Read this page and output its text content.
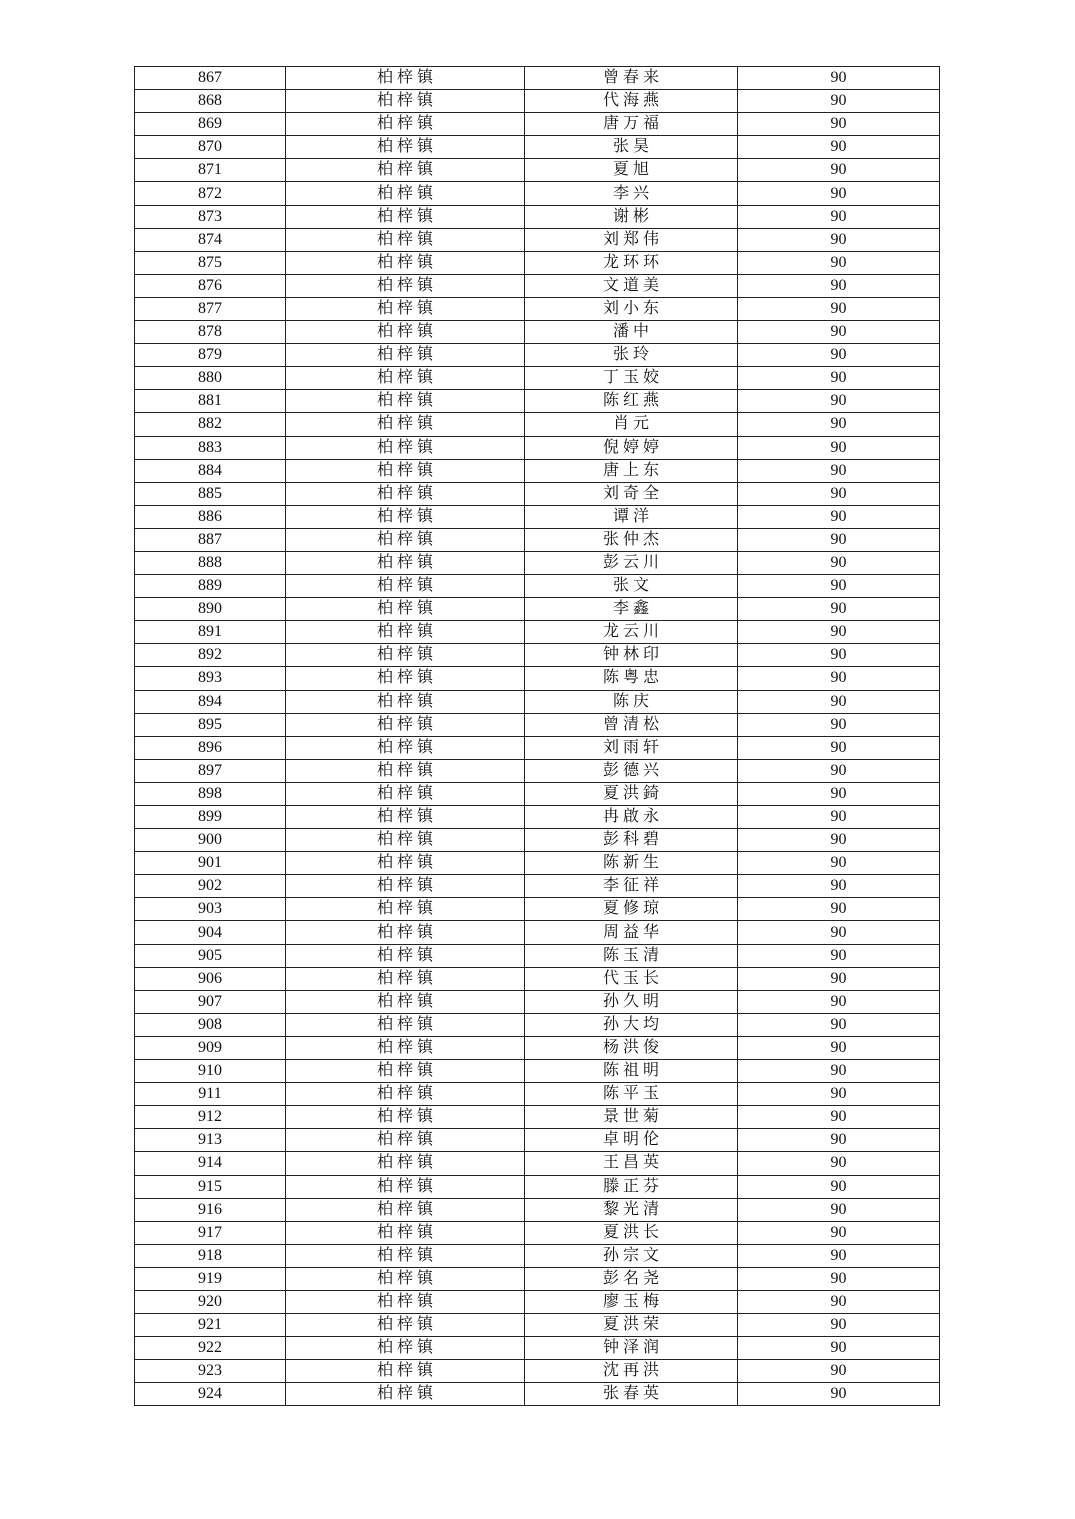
867	柏梓镇	曾春来	90
868	柏梓镇	代海燕	90
869	柏梓镇	唐万福	90
870	柏梓镇	张昊	90
871	柏梓镇	夏旭	90
872	柏梓镇	李兴	90
873	柏梓镇	谢彬	90
874	柏梓镇	刘郑伟	90
875	柏梓镇	龙环环	90
876	柏梓镇	文道美	90
877	柏梓镇	刘小东	90
878	柏梓镇	潘中	90
879	柏梓镇	张玲	90
880	柏梓镇	丁玉姣	90
881	柏梓镇	陈红燕	90
882	柏梓镇	肖元	90
883	柏梓镇	倪婷婷	90
884	柏梓镇	唐上东	90
885	柏梓镇	刘奇全	90
886	柏梓镇	谭洋	90
887	柏梓镇	张仲杰	90
888	柏梓镇	彭云川	90
889	柏梓镇	张文	90
890	柏梓镇	李鑫	90
891	柏梓镇	龙云川	90
892	柏梓镇	钟林印	90
893	柏梓镇	陈粤忠	90
894	柏梓镇	陈庆	90
895	柏梓镇	曾清松	90
896	柏梓镇	刘雨轩	90
897	柏梓镇	彭德兴	90
898	柏梓镇	夏洪錡	90
899	柏梓镇	冉啟永	90
900	柏梓镇	彭科碧	90
901	柏梓镇	陈新生	90
902	柏梓镇	李征祥	90
903	柏梓镇	夏修琼	90
904	柏梓镇	周益华	90
905	柏梓镇	陈玉清	90
906	柏梓镇	代玉长	90
907	柏梓镇	孙久明	90
908	柏梓镇	孙大均	90
909	柏梓镇	杨洪俊	90
910	柏梓镇	陈祖明	90
911	柏梓镇	陈平玉	90
912	柏梓镇	景世菊	90
913	柏梓镇	卓明伦	90
914	柏梓镇	王昌英	90
915	柏梓镇	滕正芬	90
916	柏梓镇	黎光清	90
917	柏梓镇	夏洪长	90
918	柏梓镇	孙宗文	90
919	柏梓镇	彭名尧	90
920	柏梓镇	廖玉梅	90
921	柏梓镇	夏洪荣	90
922	柏梓镇	钟泽润	90
923	柏梓镇	沈再洪	90
924	柏梓镇	张春英	90
